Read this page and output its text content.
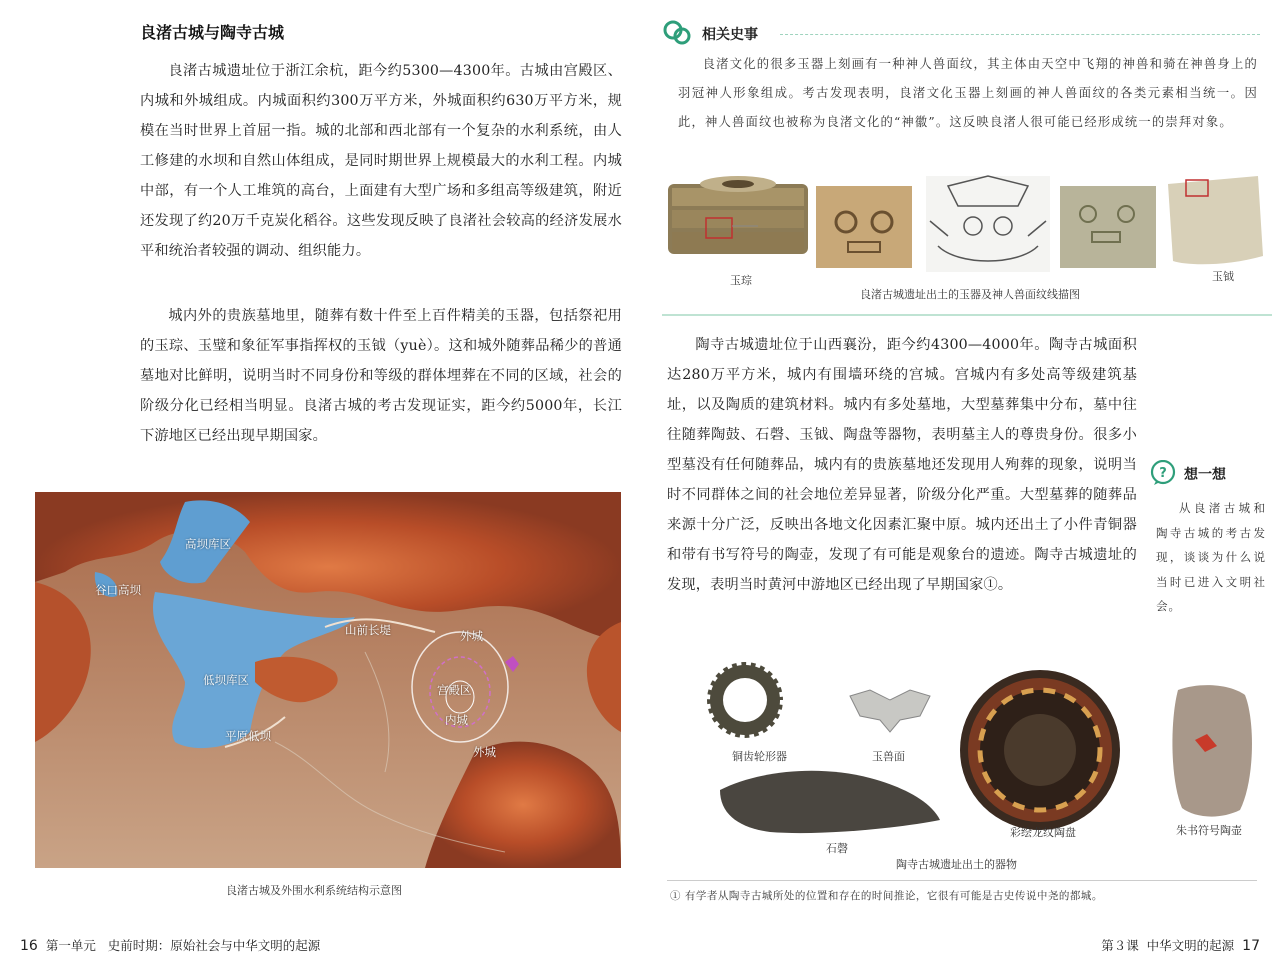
良渚古城与陶寺古城

良渚古城遗址位于浙江余杭，距今约5300—4300年。古城由宫殿区、内城和外城组成。内城面积约300万平方米，外城面积约630万平方米，规模在当时世界上首屈一指。城的北部和西北部有一个复杂的水利系统，由人工修建的水坝和自然山体组成，是同时期世界上规模最大的水利工程。内城中部，有一个人工堆筑的高台，上面建有大型广场和多组高等级建筑，附近还发现了约20万千克炭化稻谷。这些发现反映了良渚社会较高的经济发展水平和统治者较强的调动、组织能力。

城内外的贵族墓地里，随葬有数十件至上百件精美的玉器，包括祭祀用的玉琮、玉璧和象征军事指挥权的玉钺（yuè）。这和城外随葬品稀少的普通墓地对比鲜明，说明当时不同身份和等级的群体埋葬在不同的区域，社会的阶级分化已经相当明显。良渚古城的考古发现证实，距今约5000年，长江下游地区已经出现早期国家。

高坝库区
谷口高坝
山前长堤	外城
低坝库区
宫殿区
内城
平原低坝
外城
良渚古城及外围水利系统结构示意图
16 第一单元 史前时期：原始社会与中华文明的起源
相关史事

良渚文化的很多玉器上刻画有一种神人兽面纹，其主体由天空中飞翔的神兽和骑在神兽身上的羽冠神人形象组成。考古发现表明，良渚文化玉器上刻画的神人兽面纹的各类元素相当统一。因此，神人兽面纹也被称为良渚文化的“神徽”。这反映良渚人很可能已经形成统一的崇拜对象。

玉琮	玉钺
良渚古城遗址出土的玉器及神人兽面纹线描图

陶寺古城遗址位于山西襄汾，距今约4300—4000年。陶寺古城面积达280万平方米，城内有围墙环绕的宫城。宫城内有多处高等级建筑基址，以及陶质的建筑材料。城内有多处墓地，大型墓葬集中分布，墓中往往随葬陶鼓、石磬、玉钺、陶盘等器物，表明墓主人的尊贵身份。很多小型墓没有任何随葬品，城内有的贵族墓地还发现用人殉葬的现象，说明当时不同群体之间的社会地位差异显著，阶级分化严重。大型墓葬的随葬品来源十分广泛，反映出各地文化因素汇聚中原。城内还出土了小件青铜器和带有书写符号的陶壶，发现了有可能是观象台的遗迹。陶寺古城遗址的发现，表明当时黄河中游地区已经出现了早期国家①。

? 想一想

从良渚古城和陶寺古城的考古发现，谈谈为什么说当时已进入文明社会。

铜齿轮形器	玉兽面
石磬
彩绘龙纹陶盘	朱书符号陶壶
陶寺古城遗址出土的器物
① 有学者从陶寺古城所处的位置和存在的时间推论，它很有可能是古史传说中尧的都城。
第３课 中华文明的起源 17
